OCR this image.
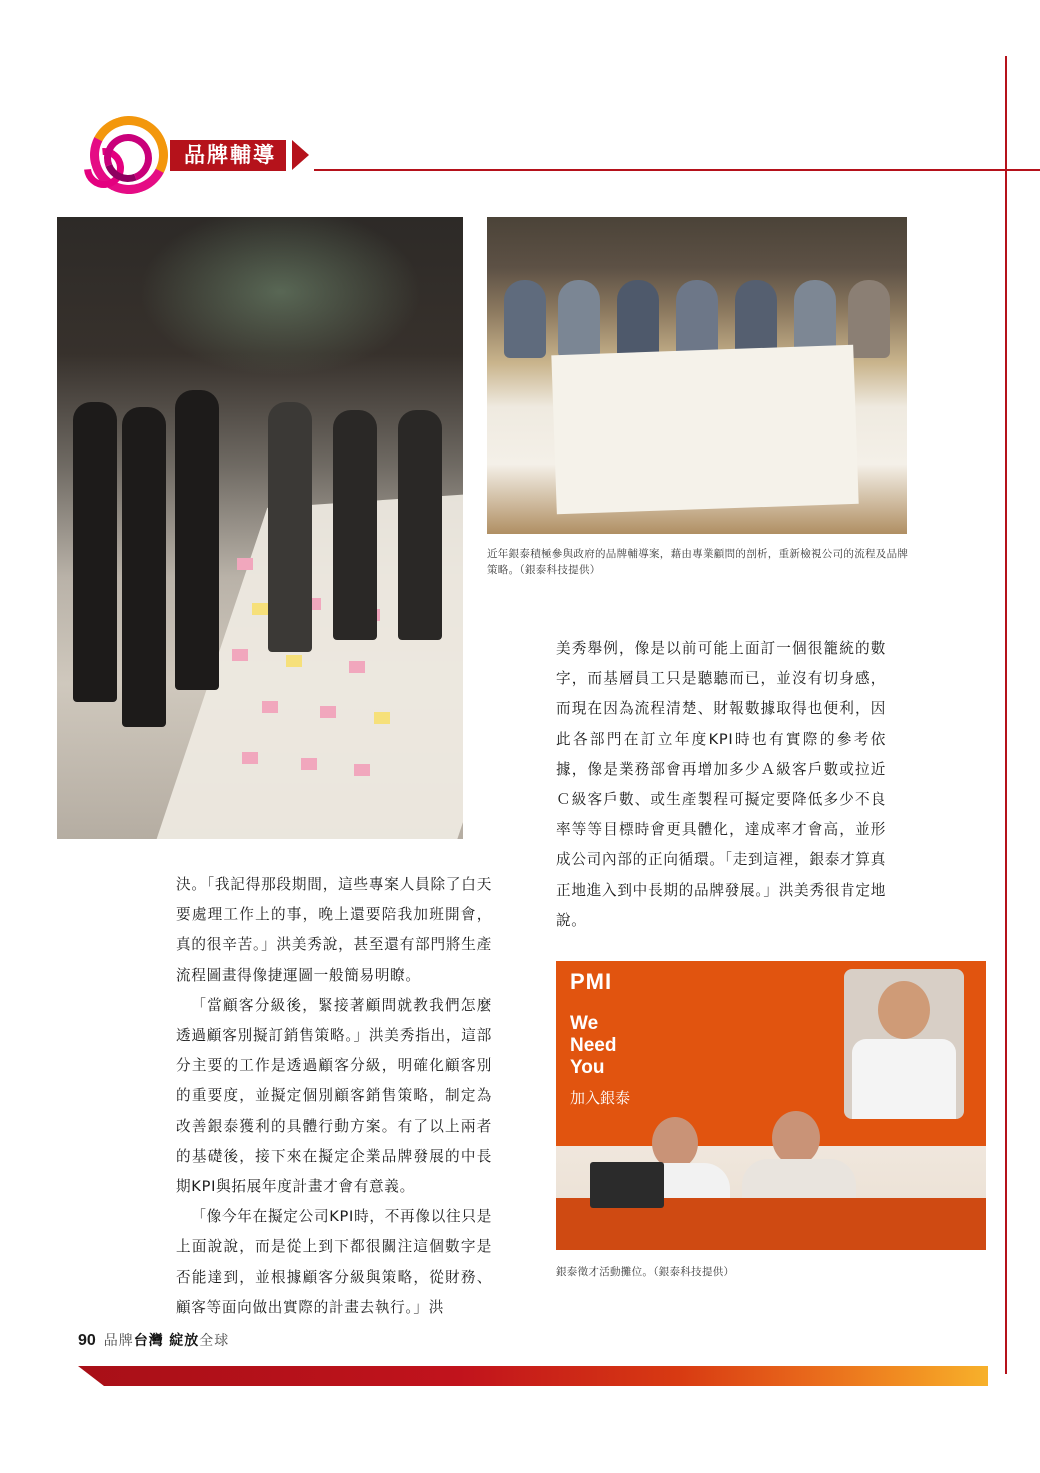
品牌輔導
近年銀泰積極參與政府的品牌輔導案，藉由專業顧問的剖析，重新檢視公司的流程及品牌策略。（銀泰科技提供）
PMI
We
Need
You
加入銀泰
銀泰徵才活動攤位。（銀泰科技提供）

決。「我記得那段期間，這些專案人員除了白天要處理工作上的事，晚上還要陪我加班開會，真的很辛苦。」洪美秀說，甚至還有部門將生產流程圖畫得像捷運圖一般簡易明瞭。

「當顧客分級後，緊接著顧問就教我們怎麼透過顧客別擬訂銷售策略。」洪美秀指出，這部分主要的工作是透過顧客分級，明確化顧客別的重要度，並擬定個別顧客銷售策略，制定為改善銀泰獲利的具體行動方案。有了以上兩者的基礎後，接下來在擬定企業品牌發展的中長期KPI與拓展年度計畫才會有意義。

「像今年在擬定公司KPI時，不再像以往只是上面說說，而是從上到下都很關注這個數字是否能達到，並根據顧客分級與策略，從財務、顧客等面向做出實際的計畫去執行。」洪

美秀舉例，像是以前可能上面訂一個很籠統的數字，而基層員工只是聽聽而已，並沒有切身感，而現在因為流程清楚、財報數據取得也便利，因此各部門在訂立年度KPI時也有實際的參考依據，像是業務部會再增加多少Ａ級客戶數或拉近Ｃ級客戶數、或生產製程可擬定要降低多少不良率等等目標時會更具體化，達成率才會高，並形成公司內部的正向循環。「走到這裡，銀泰才算真正地進入到中長期的品牌發展。」洪美秀很肯定地說。

90 品牌台灣 綻放全球
